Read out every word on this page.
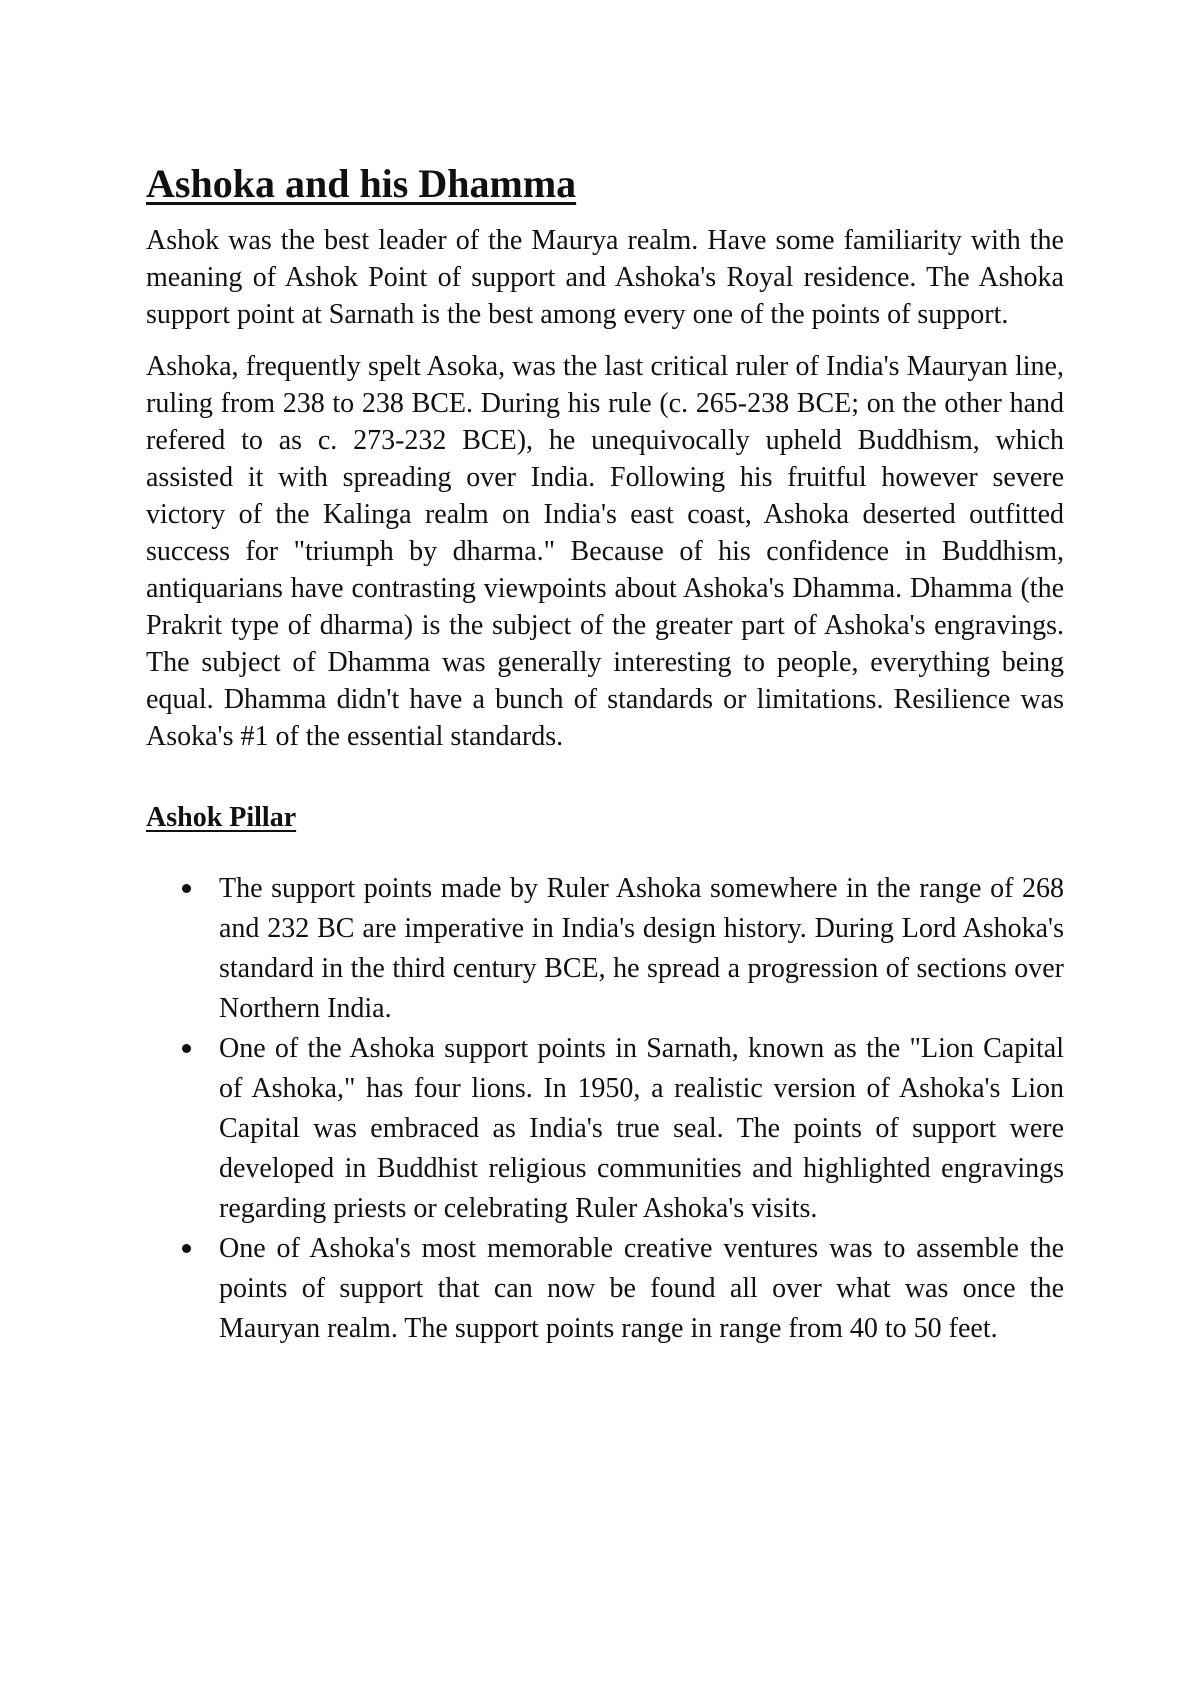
Ashoka and his Dhamma

Ashok was the best leader of the Maurya realm. Have some familiarity with the meaning of Ashok Point of support and Ashoka's Royal residence. The Ashoka support point at Sarnath is the best among every one of the points of support.

Ashoka, frequently spelt Asoka, was the last critical ruler of India's Mauryan line, ruling from 238 to 238 BCE. During his rule (c. 265-238 BCE; on the other hand refered to as c. 273-232 BCE), he unequivocally upheld Buddhism, which assisted it with spreading over India. Following his fruitful however severe victory of the Kalinga realm on India's east coast, Ashoka deserted outfitted success for "triumph by dharma." Because of his confidence in Buddhism, antiquarians have contrasting viewpoints about Ashoka's Dhamma. Dhamma (the Prakrit type of dharma) is the subject of the greater part of Ashoka's engravings. The subject of Dhamma was generally interesting to people, everything being equal. Dhamma didn't have a bunch of standards or limitations. Resilience was Asoka's #1 of the essential standards.

Ashok Pillar
The support points made by Ruler Ashoka somewhere in the range of 268 and 232 BC are imperative in India's design history. During Lord Ashoka's standard in the third century BCE, he spread a progression of sections over Northern India.
One of the Ashoka support points in Sarnath, known as the "Lion Capital of Ashoka," has four lions. In 1950, a realistic version of Ashoka's Lion Capital was embraced as India's true seal. The points of support were developed in Buddhist religious communities and highlighted engravings regarding priests or celebrating Ruler Ashoka's visits.
One of Ashoka's most memorable creative ventures was to assemble the points of support that can now be found all over what was once the Mauryan realm. The support points range in range from 40 to 50 feet.
